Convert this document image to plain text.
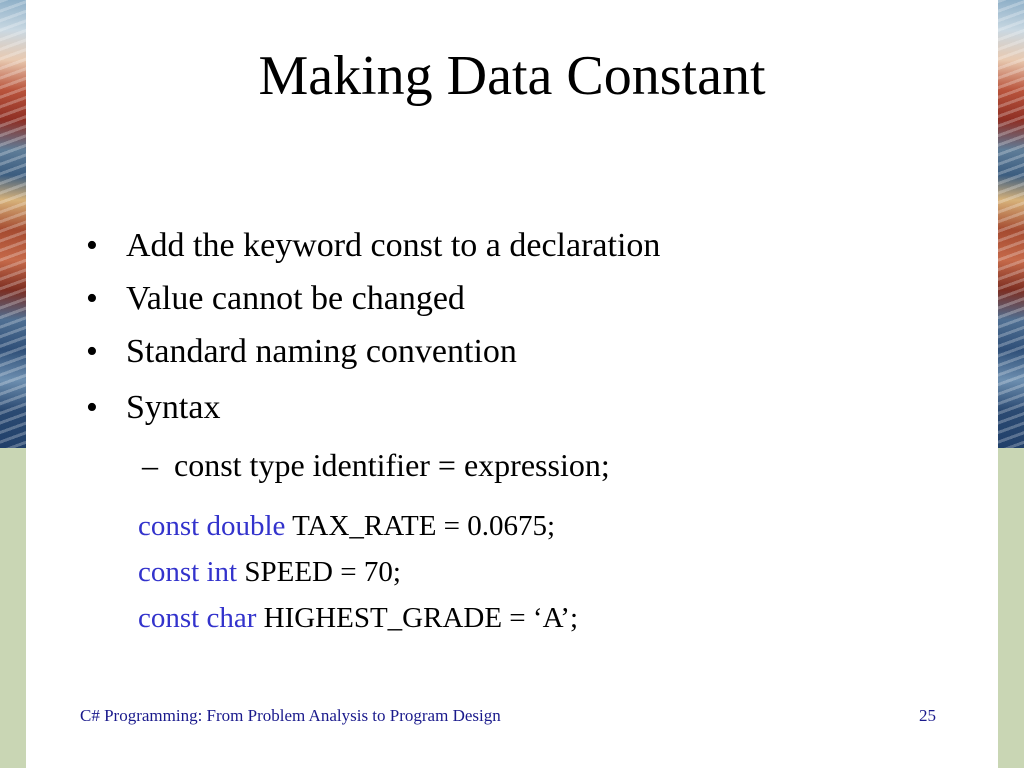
Making Data Constant
• Add the keyword const to a declaration
• Value cannot be changed
• Standard naming convention
• Syntax
– const type identifier = expression;
const double TAX_RATE = 0.0675;
const int SPEED = 70;
const char HIGHEST_GRADE = ‘A’;
C# Programming: From Problem Analysis to Program Design	25
